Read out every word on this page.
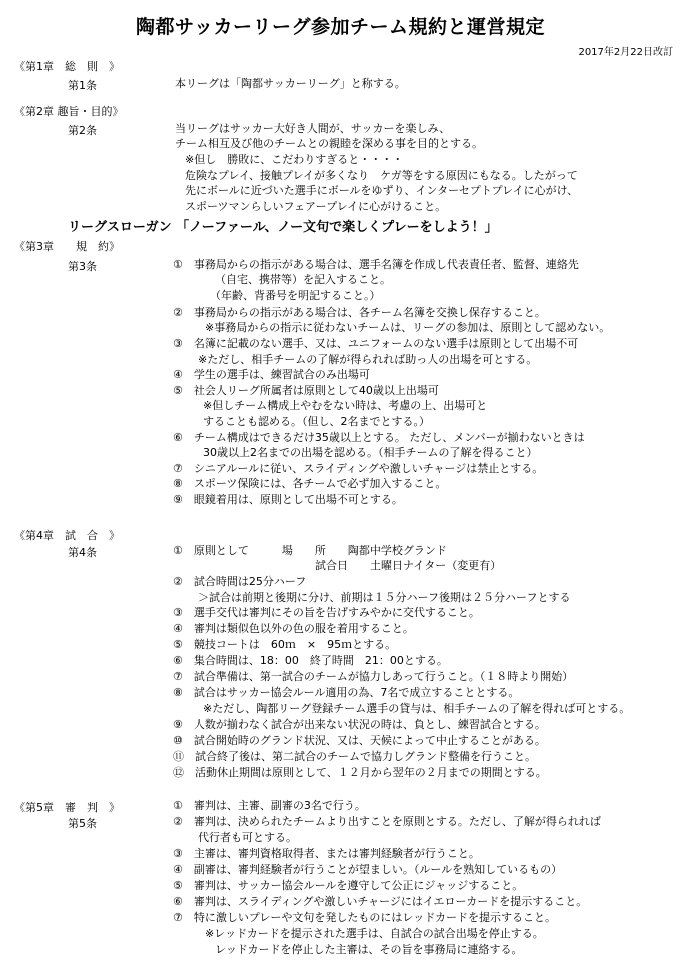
陶都サッカーリーグ参加チーム規約と運営規定
2017年2月22日改訂
《第1章　総　則　》
第1条
《第2章 趣旨・目的》
第2条
リーグスローガン 「ノーファール、ノー文句で楽しくプレーをしよう！」
《第3章　　規　約》
第3条
《第4章　試　合　》
第4条
《第5章　審　判　》
第5条
本リーグは「陶都サッカーリーグ」と称する。
当リーグはサッカー大好き人間が、サッカーを楽しみ、
チーム相互及び他のチームとの親睦を深める事を目的とする。
※但し　勝敗に、こだわりすぎると・・・・
危険なプレイ、接触プレイが多くなり　ケガ等をする原因にもなる。したがって
先にボールに近づいた選手にボールをゆずり、インターセプトプレイに心がけ、
スポーツマンらしいフェアープレイに心がけること。
①　事務局からの指示がある場合は、選手名簿を作成し代表責任者、監督、連絡先
（自宅、携帯等）を記入すること。
（年齢、背番号を明記すること。）
②　事務局からの指示がある場合は、各チーム名簿を交換し保存すること。
※事務局からの指示に従わないチームは、リーグの参加は、原則として認めない。
③　名簿に記載のない選手、又は、ユニフォームのない選手は原則として出場不可
※ただし、相手チームの了解が得られれば助っ人の出場を可とする。
④　学生の選手は、練習試合のみ出場可
⑤　社会人リーグ所属者は原則として40歳以上出場可
※但しチーム構成上やむをない時は、考慮の上、出場可と
することも認める。（但し、2名までとする。）
⑥　チーム構成はできるだけ35歳以上とする。 ただし、メンバーが揃わないときは
30歳以上2名までの出場を認める。（相手チームの了解を得ること）
⑦　シニアルールに従い、スライディングや激しいチャージは禁止とする。
⑧　スポーツ保険には、各チームで必ず加入すること。
⑨　眼鏡着用は、原則として出場不可とする。
①　原則として　　　場　　所　　陶都中学校グランド
試合日　　土曜日ナイター（変更有）
②　試合時間は25分ハーフ
＞試合は前期と後期に分け、前期は１５分ハーフ後期は２５分ハーフとする
③　選手交代は審判にその旨を告げすみやかに交代すること。
④　審判は類似色以外の色の服を着用すること。
⑤　競技コートは　60ｍ　×　95ｍとする。
⑥　集合時間は、18：00　終了時間　21：00とする。
⑦　試合準備は、第一試合のチームが協力しあって行うこと。（１８時より開始）
⑧　試合はサッカー協会ルール適用の為、7名で成立することとする。
※ただし、陶都リーグ登録チーム選手の貸与は、相手チームの了解を得れば可とする。
⑨　人数が揃わなく試合が出来ない状況の時は、負とし、練習試合とする。
⑩　試合開始時のグランド状況、又は、天候によって中止することがある。
⑪　試合終了後は、第二試合のチームで協力しグランド整備を行うこと。
⑫　活動休止期間は原則として、１２月から翌年の２月までの期間とする。
①　審判は、主審、副審の3名で行う。
②　審判は、決められたチームより出すことを原則とする。ただし、了解が得られれば
代行者も可とする。
③　主審は、審判資格取得者、または審判経験者が行うこと。
④　副審は、審判経験者が行うことが望ましい。（ルールを熟知しているもの）
⑤　審判は、サッカー協会ルールを遵守して公正にジャッジすること。
⑥　審判は、スライディングや激しいチャージにはイエローカードを提示すること。
⑦　特に激しいプレーや文句を発したものにはレッドカードを提示すること。
※レッドカードを提示された選手は、自試合の試合出場を停止する。
レッドカードを停止した主審は、その旨を事務局に連絡する。
